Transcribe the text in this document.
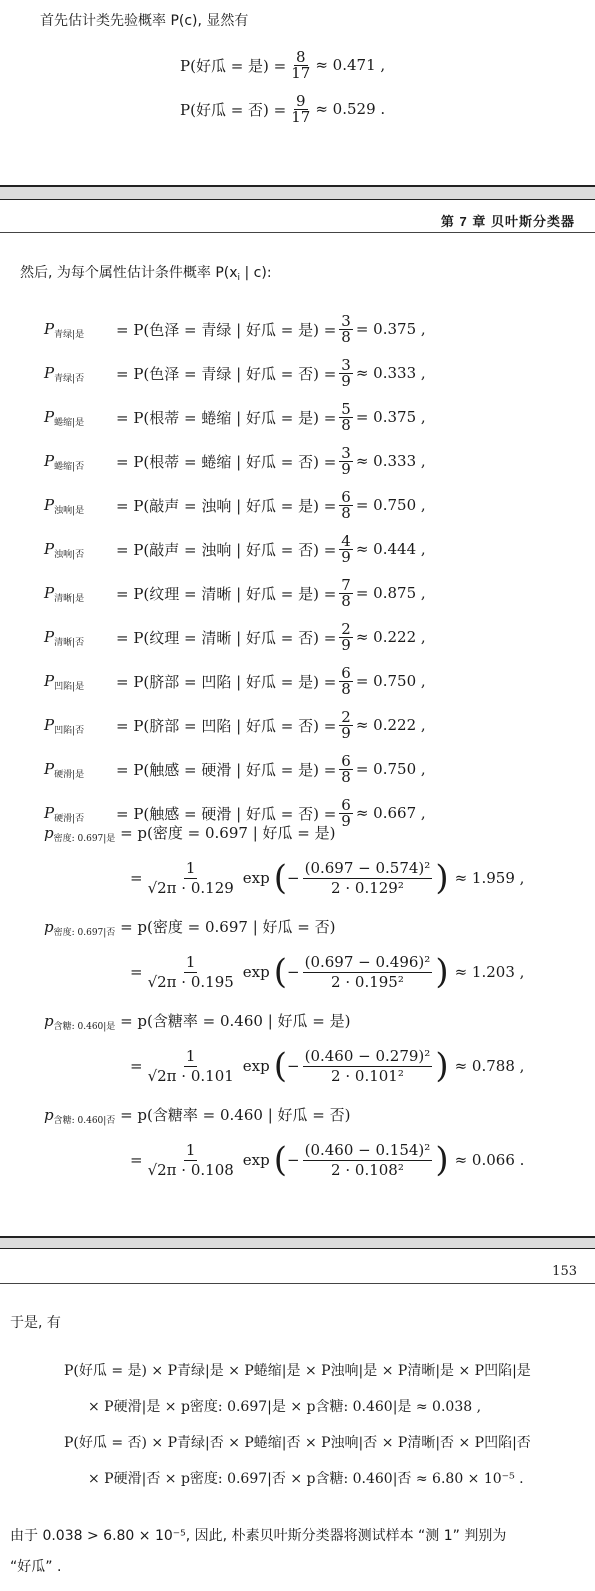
首先估计类先验概率 P(c), 显然有
P(好瓜 = 是) = $\frac{8}{17} \approx 0.471$ ,
P(好瓜 = 否) = $\frac{9}{17} \approx 0.529$ .
第 7 章 贝叶斯分类器
然后, 为每个属性估计条件概率 $P(x_i$ | c):
$P_{青绿|是}$	= P(色泽 = 青绿 | 好瓜 = 是) = $\frac{3}{8} = 0.375$ ,
$P_{青绿|否}$	= P(色泽 = 青绿 | 好瓜 = 否) = $\frac{3}{9} \approx 0.333$ ,
$P_{蜷缩|是}$	= P(根蒂 = 蜷缩 | 好瓜 = 是) = $\frac{5}{8} = 0.375$ ,
$P_{蜷缩|否}$	= P(根蒂 = 蜷缩 | 好瓜 = 否) = $\frac{3}{9} \approx 0.333$ ,
$P_{浊响|是}$	= P(敲声 = 浊响 | 好瓜 = 是) = $\frac{6}{8} = 0.750$ ,
$P_{浊响|否}$	= P(敲声 = 浊响 | 好瓜 = 否) = $\frac{4}{9} \approx 0.444$ ,
$P_{清晰|是}$	= P(纹理 = 清晰 | 好瓜 = 是) = $\frac{7}{8} = 0.875$ ,
$P_{清晰|否}$	= P(纹理 = 清晰 | 好瓜 = 否) = $\frac{2}{9} \approx 0.222$ ,
$P_{凹陷|是}$	= P(脐部 = 凹陷 | 好瓜 = 是) = $\frac{6}{8} = 0.750$ ,
$P_{凹陷|否}$	= P(脐部 = 凹陷 | 好瓜 = 否) = $\frac{2}{9} \approx 0.222$ ,
$P_{硬滑|是}$	= P(触感 = 硬滑 | 好瓜 = 是) = $\frac{6}{8} = 0.750$ ,
$P_{硬滑|否}$	= P(触感 = 硬滑 | 好瓜 = 否) = $\frac{6}{9} \approx 0.667$ ,
$p_{密度: 0.697|是} = p$(密度 = 0.697 | 好瓜 = 是)
= $\frac{1}{√2\pi \cdot 0.129}$ exp ( − $\frac{\text{(0.697 − 0.574)²}}{\text{2 · 0.129²}}$ ) ≈ 1.959 ,
$p_{密度: 0.697|否} = p$(密度 = 0.697 | 好瓜 = 否)
= $\frac{1}{√2\pi \cdot 0.195}$ exp ( − $\frac{\text{(0.697 − 0.496)²}}{\text{2 · 0.195²}}$ ) ≈ 1.203 ,
$p_{含糖: 0.460|是} = p$(含糖率 = 0.460 | 好瓜 = 是)
= $\frac{1}{√2\pi \cdot 0.101}$ exp ( − $\frac{\text{(0.460 − 0.279)²}}{\text{2 · 0.101²}}$ ) ≈ 0.788 ,
$p_{含糖: 0.460|否} = p$(含糖率 = 0.460 | 好瓜 = 否)
= $\frac{1}{√2\pi \cdot 0.108}$ exp ( − $\frac{\text{(0.460 − 0.154)²}}{\text{2 · 0.108²}}$ ) ≈ 0.066 .
153
于是, 有
P(好瓜 = 是) × P青绿|是 × P蜷缩|是 × P浊响|是 × P清晰|是 × P凹陷|是
× P硬滑|是 × p密度: 0.697|是 × p含糖: 0.460|是 ≈ 0.038 ,
P(好瓜 = 否) × P青绿|否 × P蜷缩|否 × P浊响|否 × P清晰|否 × P凹陷|否
× P硬滑|否 × p密度: 0.697|否 × p含糖: 0.460|否 ≈ 6.80 × 10⁻⁵ .
由于 0.038 > 6.80 × 10⁻⁵, 因此, 朴素贝叶斯分类器将测试样本 “测 1” 判别为
“好瓜” .
